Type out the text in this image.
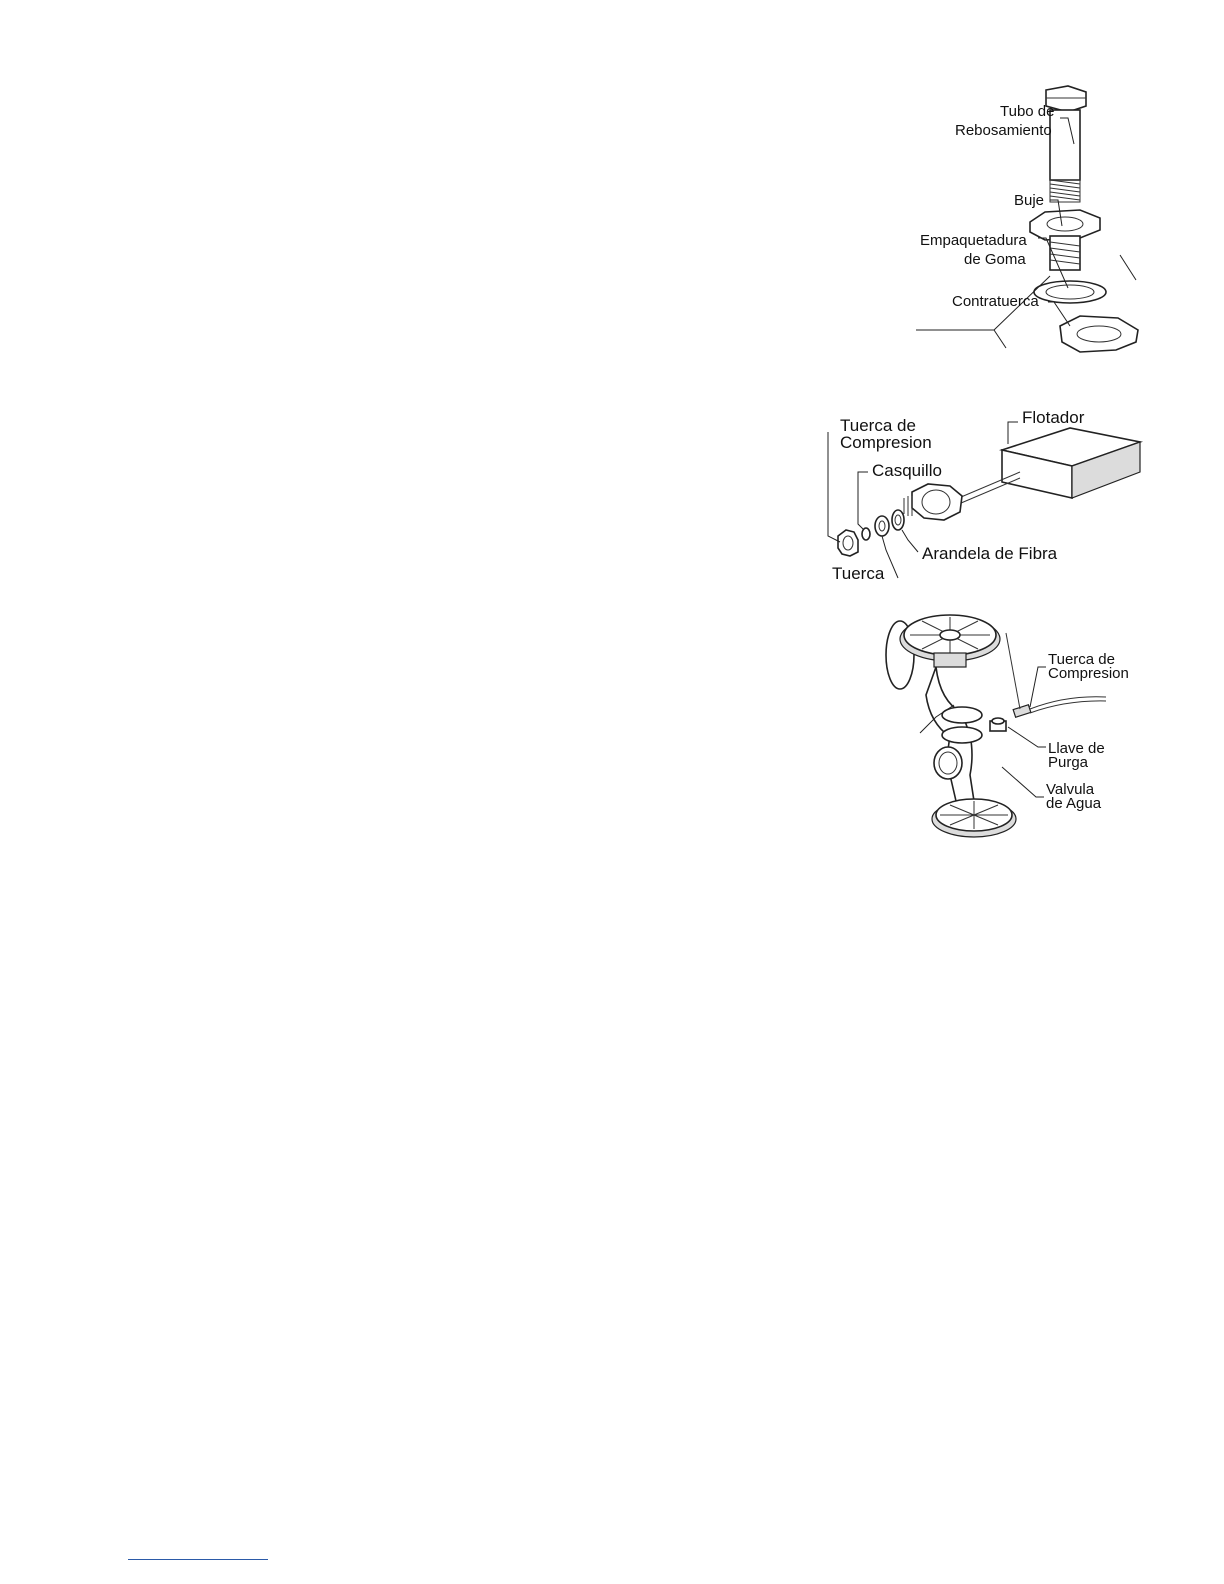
Tubo de
Rebosamiento
Buje
Empaquetadura
de Goma
Contratuerca
Tuerca de
Compresion
Casquillo
Flotador
Arandela de Fibra
Tuerca
Tuerca de
Compresion
Llave de
Purga
Valvula
de Agua
